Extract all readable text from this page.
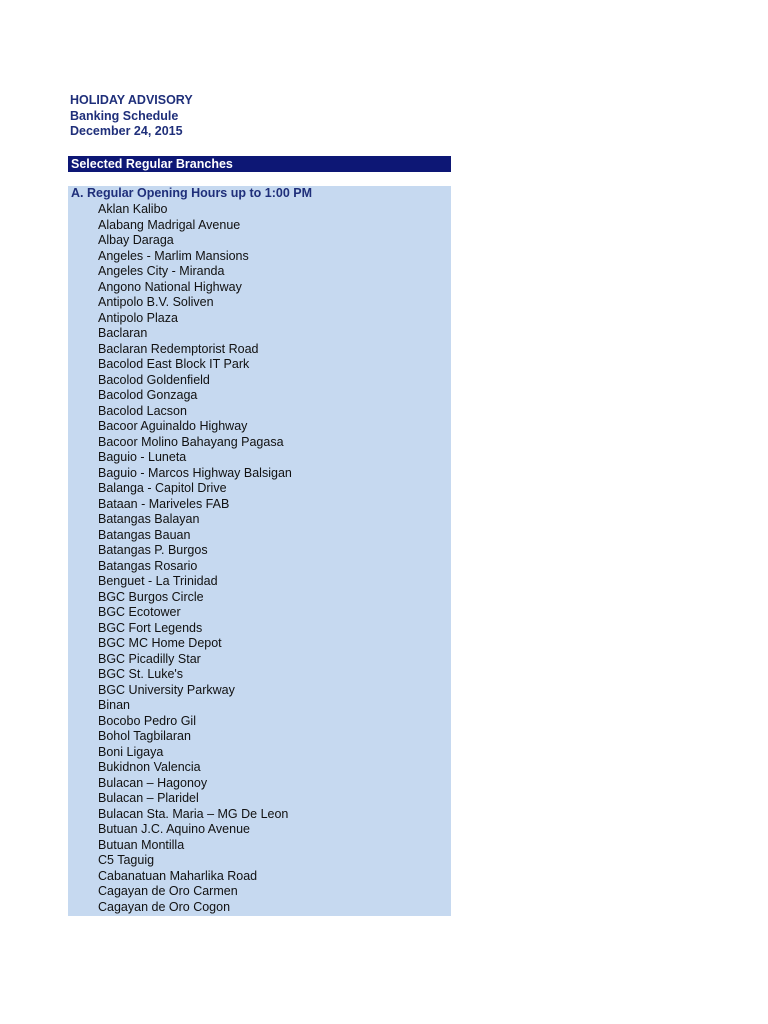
HOLIDAY ADVISORY
Banking Schedule
December 24, 2015
Selected Regular Branches
A. Regular Opening Hours up to 1:00 PM
Aklan Kalibo
Alabang Madrigal Avenue
Albay Daraga
Angeles - Marlim Mansions
Angeles City - Miranda
Angono National Highway
Antipolo B.V. Soliven
Antipolo Plaza
Baclaran
Baclaran Redemptorist Road
Bacolod East Block IT Park
Bacolod Goldenfield
Bacolod Gonzaga
Bacolod Lacson
Bacoor Aguinaldo Highway
Bacoor Molino Bahayang Pagasa
Baguio - Luneta
Baguio - Marcos Highway Balsigan
Balanga - Capitol Drive
Bataan - Mariveles FAB
Batangas Balayan
Batangas Bauan
Batangas P. Burgos
Batangas Rosario
Benguet - La Trinidad
BGC Burgos Circle
BGC Ecotower
BGC Fort Legends
BGC MC Home Depot
BGC Picadilly Star
BGC St. Luke's
BGC University Parkway
Binan
Bocobo Pedro Gil
Bohol Tagbilaran
Boni Ligaya
Bukidnon Valencia
Bulacan – Hagonoy
Bulacan – Plaridel
Bulacan Sta. Maria – MG De Leon
Butuan J.C. Aquino Avenue
Butuan Montilla
C5 Taguig
Cabanatuan Maharlika Road
Cagayan de Oro Carmen
Cagayan de Oro Cogon
